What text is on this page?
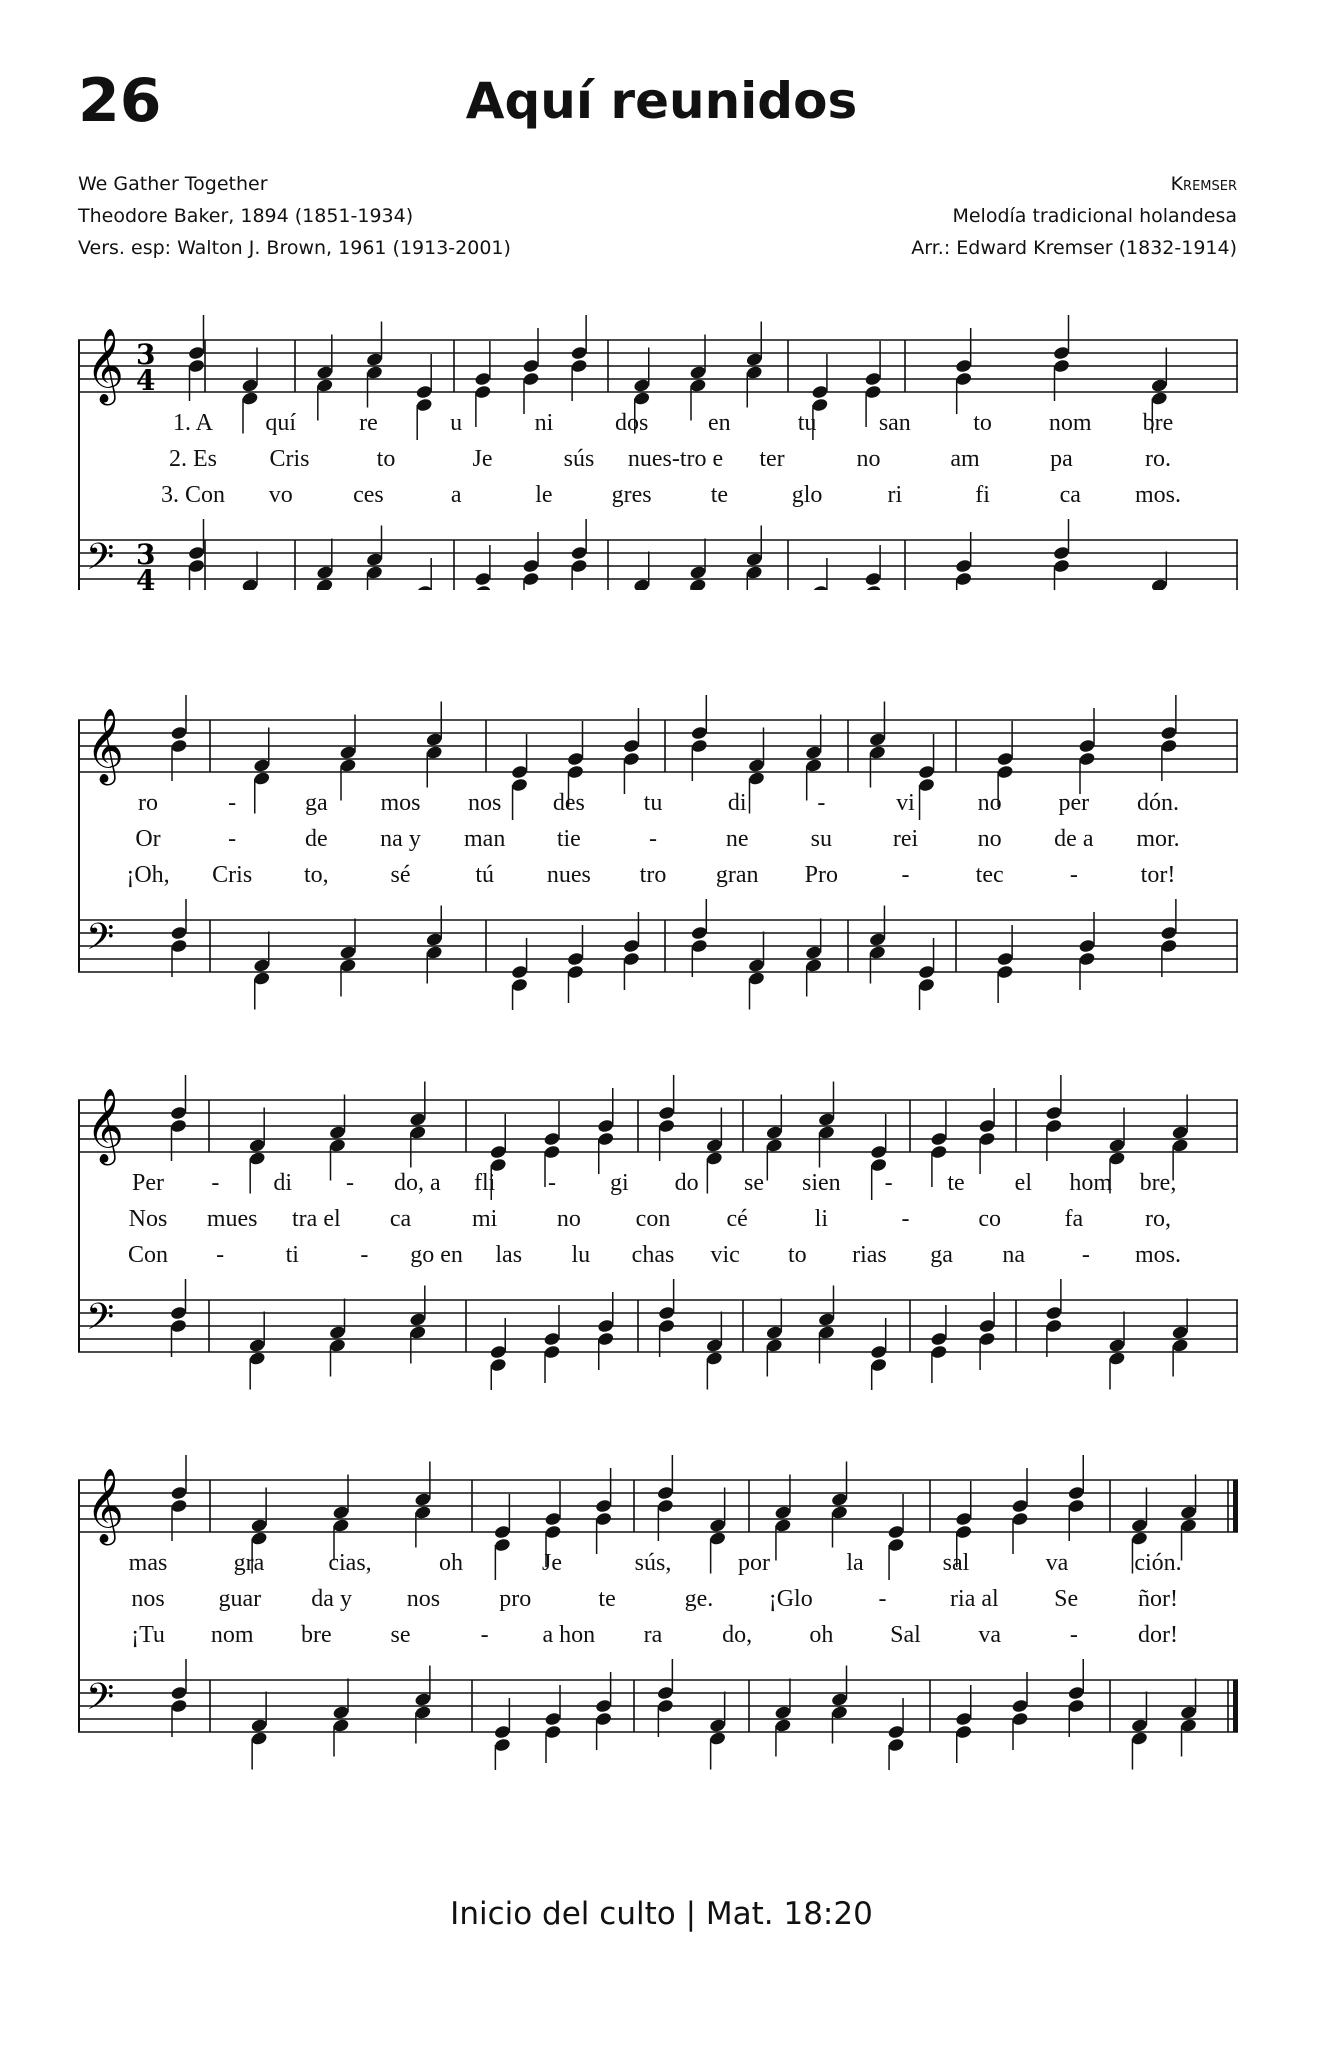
26	Aquí reunidos
We Gather Together
Theodore Baker, 1894 (1851-1934)
Vers. esp: Walton J. Brown, 1961 (1913-2001)
Kremser
Melodía tradicional holandesa
Arr.: Edward Kremser (1832-1914)
𝄞 3
4
𝄢 3
4
1. A quí	re	u	ni	dos en	tu	san	to nom bre
2. Es Cris	to	Je	sús nues-tro e ter	no	am	pa	ro.
3. Con vo	ces	a	le gres te	glo	ri	fi	ca mos.
𝄞
𝄢
ro	-	ga mos nos des tu	di	-	vi	no per dón.
Or	-	de na y man tie	-	ne	su	rei no de a mor.
¡Oh, Cris to,	sé	tú nues tro gran Pro	-	tec	-	tor!
𝄞
𝄢
Per - di - do, a fli - gi do se sien - te el hom bre,
Nos mues tra el ca	mi no con cé	li	-	co	fa	ro,
Con -	ti	- go en las lu chas vic to rias ga na - mos.
𝄞
𝄢
mas	gra	cias,	oh	Je	sús,	por	la	sal	va	ción.
nos guar da y nos pro	te	ge. ¡Glo	-	ria al Se ñor!
¡Tu nom bre se	- a hon ra do, oh Sal va	-	dor!
Inicio del culto | Mat. 18:20
